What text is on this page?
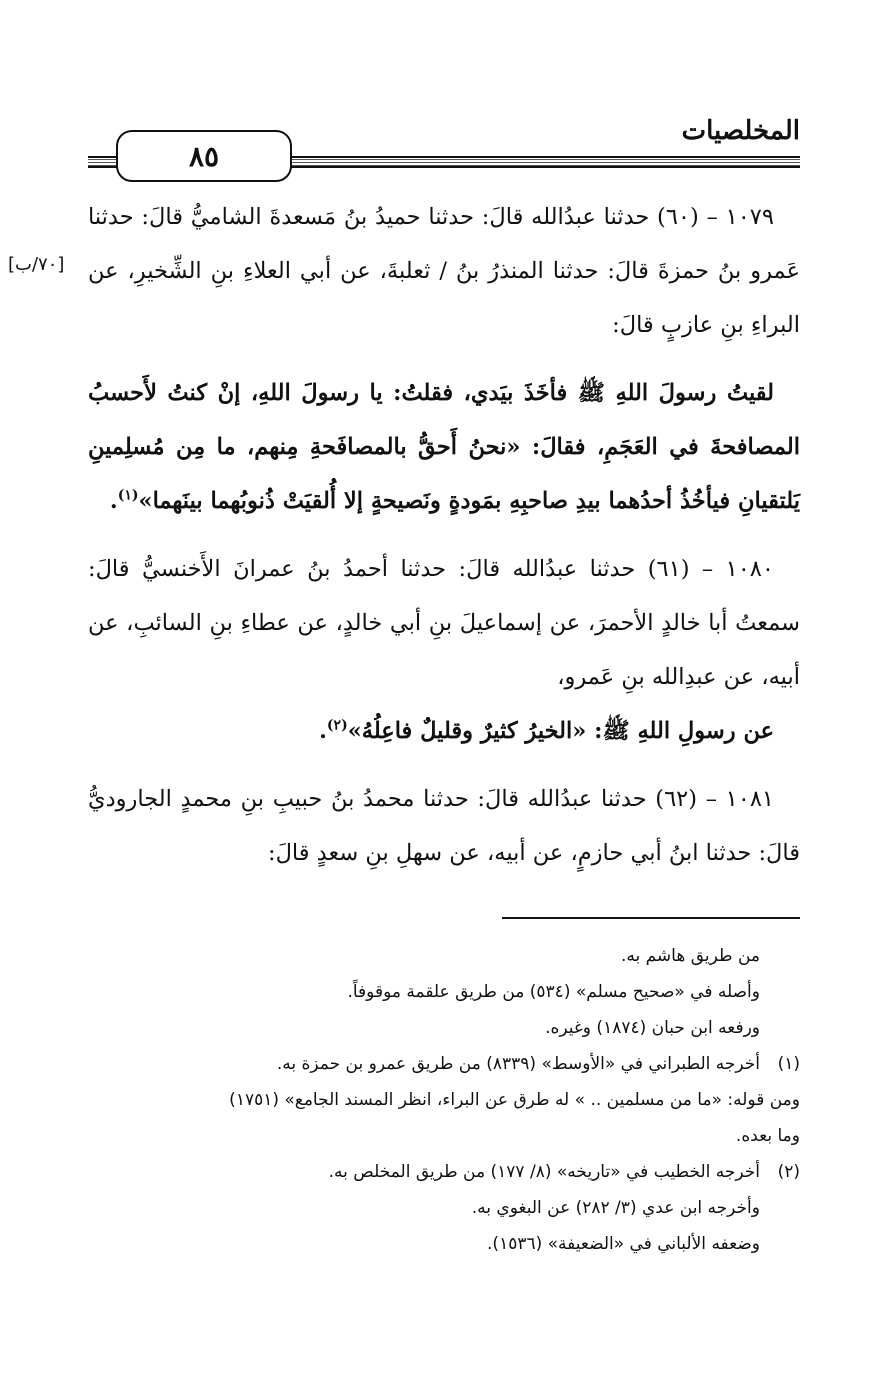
٨٥
المخلصيات
[٧٠/ب]

١٠٧٩ – (٦٠) حدثنا عبدُالله قالَ: حدثنا حميدُ بنُ مَسعدةَ الشاميُّ قالَ: حدثنا عَمرو بنُ حمزةَ قالَ: حدثنا المنذرُ بنُ / ثعلبةَ، عن أبي العلاءِ بنِ الشِّخيرِ، عن البراءِ بنِ عازبٍ قالَ:

لقيتُ رسولَ اللهِ ﷺ فأخَذَ بيَدي، فقلتُ: يا رسولَ اللهِ، إنْ كنتُ لأَحسبُ المصافحةَ في العَجَمِ، فقالَ: «نحنُ أَحقُّ بالمصافَحةِ مِنهم، ما مِن مُسلِمينِ يَلتقيانِ فيأخُذُ أحدُهما بيدِ صاحبِهِ بمَودةٍ ونَصيحةٍ إلا أُلقيَتْ ذُنوبُهما بينَهما»$^{(١)}$.

١٠٨٠ – (٦١) حدثنا عبدُالله قالَ: حدثنا أحمدُ بنُ عمرانَ الأَخنسيُّ قالَ: سمعتُ أبا خالدٍ الأحمرَ، عن إسماعيلَ بنِ أبي خالدٍ، عن عطاءِ بنِ السائبِ، عن أبيه، عن عبدِالله بنِ عَمرو،

عن رسولِ اللهِ ﷺ: «الخيرُ كثيرٌ وقليلٌ فاعِلُهُ»$^{(٢)}$.

١٠٨١ – (٦٢) حدثنا عبدُالله قالَ: حدثنا محمدُ بنُ حبيبِ بنِ محمدٍ الجاروديُّ قالَ: حدثنا ابنُ أبي حازمٍ، عن أبيه، عن سهلِ بنِ سعدٍ قالَ:

من طريق هاشم به.

وأصله في «صحيح مسلم» (٥٣٤) من طريق علقمة موقوفاً.

ورفعه ابن حبان (١٨٧٤) وغيره.

(١)أخرجه الطبراني في «الأوسط» (٨٣٣٩) من طريق عمرو بن حمزة به.

ومن قوله: «ما من مسلمين .. » له طرق عن البراء، انظر المسند الجامع» (١٧٥١)

وما بعده.

(٢)أخرجه الخطيب في «تاريخه» (٨/ ١٧٧) من طريق المخلص به.

وأخرجه ابن عدي (٣/ ٢٨٢) عن البغوي به.

وضعفه الألباني في «الضعيفة» (١٥٣٦).
